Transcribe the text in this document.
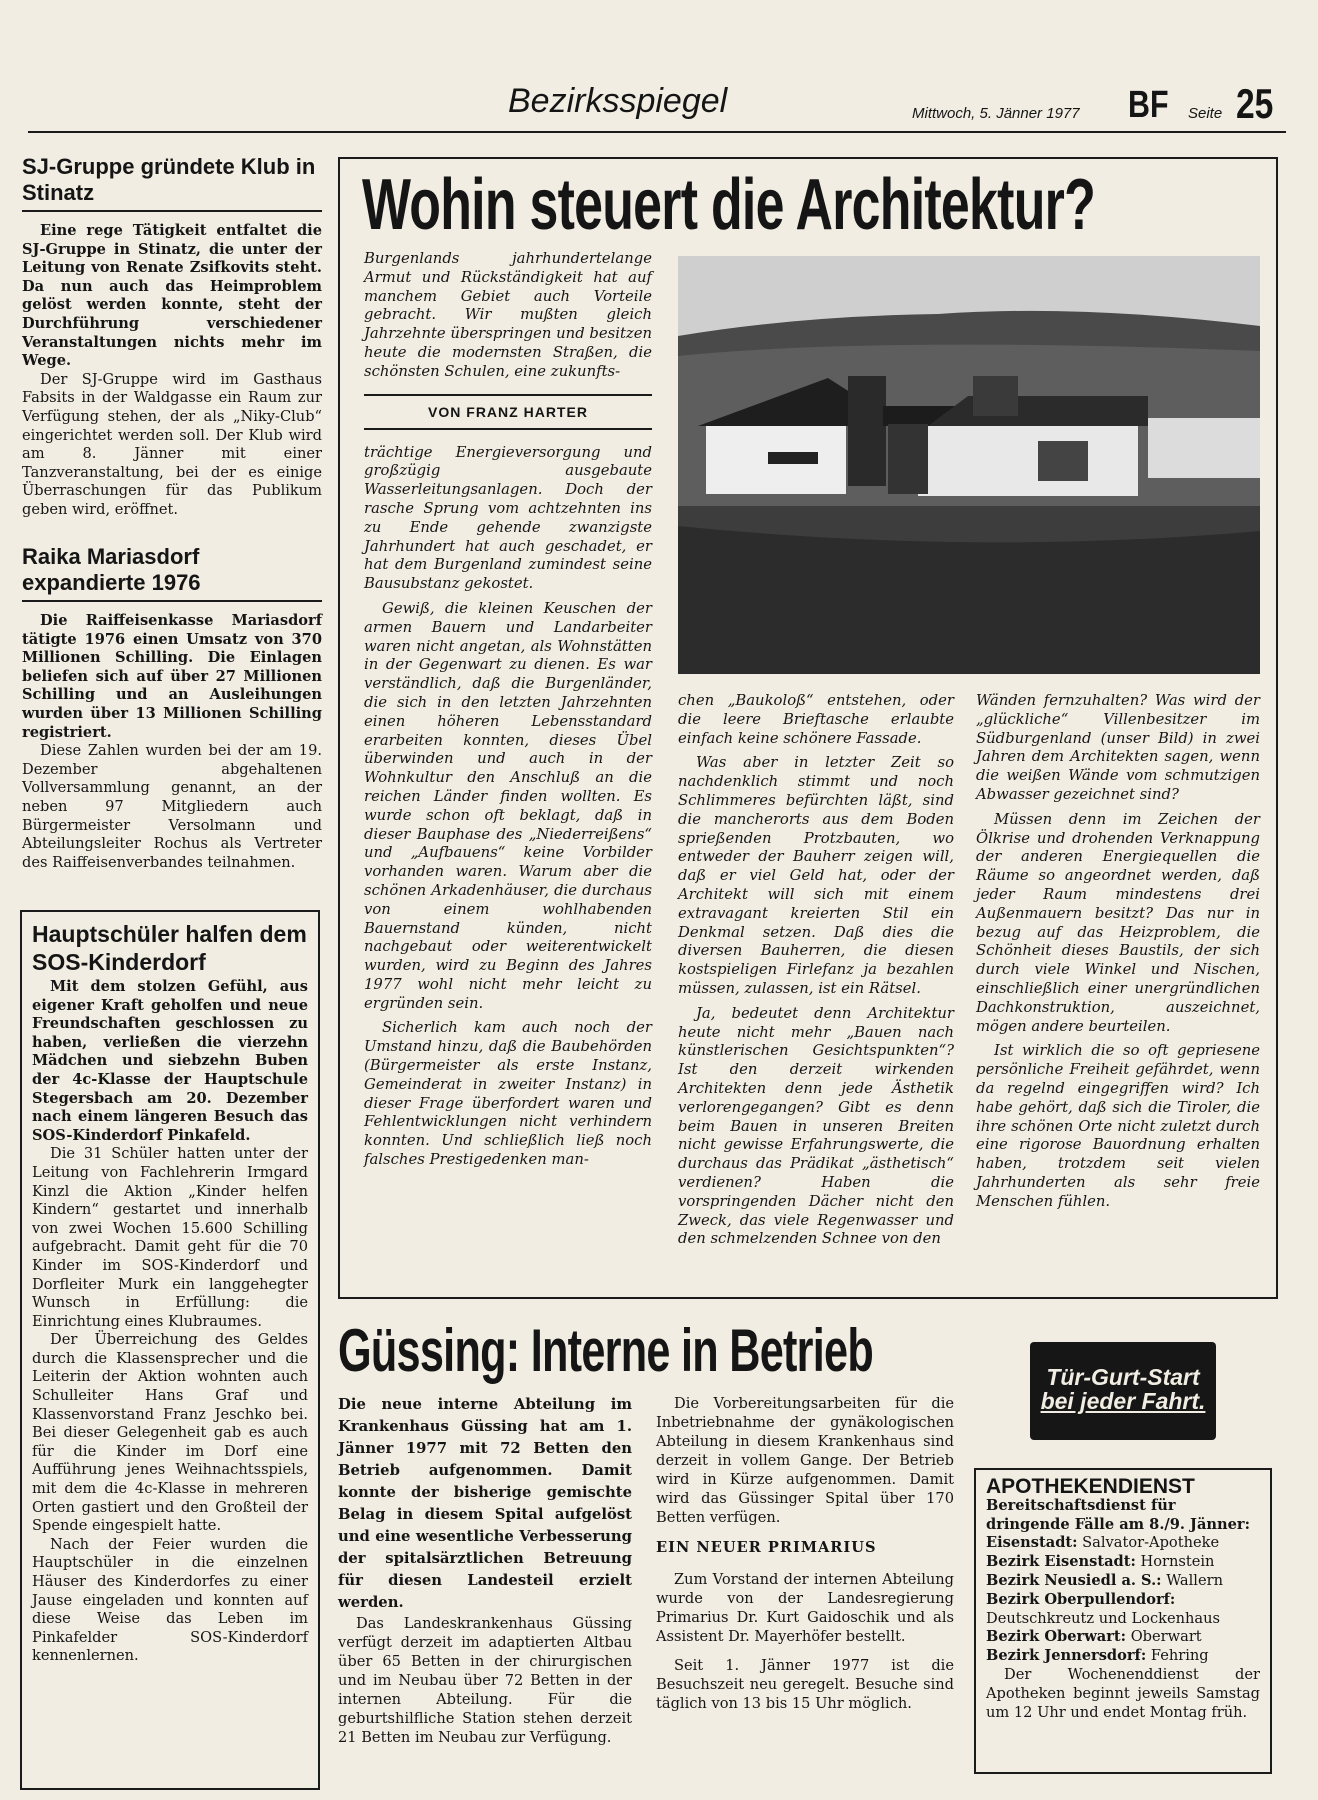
Bezirksspiegel	Mittwoch, 5. Jänner 1977 BF Seite 25
SJ-Gruppe gründete Klub in Stinatz

Eine rege Tätigkeit entfaltet die SJ-Gruppe in Stinatz, die unter der Leitung von Renate Zsifkovits steht. Da nun auch das Heimproblem gelöst werden konnte, steht der Durchführung verschiedener Veranstaltungen nichts mehr im Wege.

Der SJ-Gruppe wird im Gasthaus Fabsits in der Waldgasse ein Raum zur Verfügung stehen, der als „Niky-Club“ eingerichtet werden soll. Der Klub wird am 8. Jänner mit einer Tanzveranstaltung, bei der es einige Überraschungen für das Publikum geben wird, eröffnet.

Raika Mariasdorf expandierte 1976

Die Raiffeisenkasse Mariasdorf tätigte 1976 einen Umsatz von 370 Millionen Schilling. Die Einlagen beliefen sich auf über 27 Millionen Schilling und an Ausleihungen wurden über 13 Millionen Schilling registriert.

Diese Zahlen wurden bei der am 19. Dezember abgehaltenen Vollversammlung genannt, an der neben 97 Mitgliedern auch Bürgermeister Versolmann und Abteilungsleiter Rochus als Vertreter des Raiffeisenverbandes teilnahmen.

Hauptschüler halfen dem SOS-Kinderdorf

Mit dem stolzen Gefühl, aus eigener Kraft geholfen und neue Freundschaften geschlossen zu haben, verließen die vierzehn Mädchen und siebzehn Buben der 4c-Klasse der Hauptschule Stegersbach am 20. Dezember nach einem längeren Besuch das SOS-Kinderdorf Pinkafeld.

Die 31 Schüler hatten unter der Leitung von Fachlehrerin Irmgard Kinzl die Aktion „Kinder helfen Kindern“ gestartet und innerhalb von zwei Wochen 15.600 Schilling aufgebracht. Damit geht für die 70 Kinder im SOS-Kinderdorf und Dorfleiter Murk ein langgehegter Wunsch in Erfüllung: die Einrichtung eines Klubraumes.

Der Überreichung des Geldes durch die Klassensprecher und die Leiterin der Aktion wohnten auch Schulleiter Hans Graf und Klassenvorstand Franz Jeschko bei. Bei dieser Gelegenheit gab es auch für die Kinder im Dorf eine Aufführung jenes Weihnachtsspiels, mit dem die 4c-Klasse in mehreren Orten gastiert und den Großteil der Spende eingespielt hatte.

Nach der Feier wurden die Hauptschüler in die einzelnen Häuser des Kinderdorfes zu einer Jause eingeladen und konnten auf diese Weise das Leben im Pinkafelder SOS-Kinderdorf kennenlernen.

Wohin steuert die Architektur?

Burgenlands jahrhundertelange Armut und Rückständigkeit hat auf manchem Gebiet auch Vorteile gebracht. Wir mußten gleich Jahrzehnte überspringen und besitzen heute die modernsten Straßen, die schönsten Schulen, eine zukunfts-

VON FRANZ HARTER

trächtige Energieversorgung und großzügig ausgebaute Wasserleitungsanlagen. Doch der rasche Sprung vom achtzehnten ins zu Ende gehende zwanzigste Jahrhundert hat auch geschadet, er hat dem Burgenland zumindest seine Bausubstanz gekostet.

Gewiß, die kleinen Keuschen der armen Bauern und Landarbeiter waren nicht angetan, als Wohnstätten in der Gegenwart zu dienen. Es war verständlich, daß die Burgenländer, die sich in den letzten Jahrzehnten einen höheren Lebensstandard erarbeiten konnten, dieses Übel überwinden und auch in der Wohnkultur den Anschluß an die reichen Länder finden wollten. Es wurde schon oft beklagt, daß in dieser Bauphase des „Niederreißens“ und „Aufbauens“ keine Vorbilder vorhanden waren. Warum aber die schönen Arkadenhäuser, die durchaus von einem wohlhabenden Bauernstand künden, nicht nachgebaut oder weiterentwickelt wurden, wird zu Beginn des Jahres 1977 wohl nicht mehr leicht zu ergründen sein.

Sicherlich kam auch noch der Umstand hinzu, daß die Baubehörden (Bürgermeister als erste Instanz, Gemeinderat in zweiter Instanz) in dieser Frage überfordert waren und Fehlentwicklungen nicht verhindern konnten. Und schließlich ließ noch falsches Prestigedenken man-

chen „Baukoloß“ entstehen, oder die leere Brieftasche erlaubte einfach keine schönere Fassade.

Was aber in letzter Zeit so nachdenklich stimmt und noch Schlimmeres befürchten läßt, sind die mancherorts aus dem Boden sprießenden Protzbauten, wo entweder der Bauherr zeigen will, daß er viel Geld hat, oder der Architekt will sich mit einem extravagant kreierten Stil ein Denkmal setzen. Daß dies die diversen Bauherren, die diesen kostspieligen Firlefanz ja bezahlen müssen, zulassen, ist ein Rätsel.

Ja, bedeutet denn Architektur heute nicht mehr „Bauen nach künstlerischen Gesichtspunkten“? Ist den derzeit wirkenden Architekten denn jede Ästhetik verlorengegangen? Gibt es denn beim Bauen in unseren Breiten nicht gewisse Erfahrungswerte, die durchaus das Prädikat „ästhetisch“ verdienen? Haben die vorspringenden Dächer nicht den Zweck, das viele Regenwasser und den schmelzenden Schnee von den

Wänden fernzuhalten? Was wird der „glückliche“ Villenbesitzer im Südburgenland (unser Bild) in zwei Jahren dem Architekten sagen, wenn die weißen Wände vom schmutzigen Abwasser gezeichnet sind?

Müssen denn im Zeichen der Ölkrise und drohenden Verknappung der anderen Energiequellen die Räume so angeordnet werden, daß jeder Raum mindestens drei Außenmauern besitzt? Das nur in bezug auf das Heizproblem, die Schönheit dieses Baustils, der sich durch viele Winkel und Nischen, einschließlich einer unergründlichen Dachkonstruktion, auszeichnet, mögen andere beurteilen.

Ist wirklich die so oft gepriesene persönliche Freiheit gefährdet, wenn da regelnd eingegriffen wird? Ich habe gehört, daß sich die Tiroler, die ihre schönen Orte nicht zuletzt durch eine rigorose Bauordnung erhalten haben, trotzdem seit vielen Jahrhunderten als sehr freie Menschen fühlen.

Güssing: Interne in Betrieb

Die neue interne Abteilung im Krankenhaus Güssing hat am 1. Jänner 1977 mit 72 Betten den Betrieb aufgenommen. Damit konnte der bisherige gemischte Belag in diesem Spital aufgelöst und eine wesentliche Verbesserung der spitalsärztlichen Betreuung für diesen Landesteil erzielt werden.

Das Landeskrankenhaus Güssing verfügt derzeit im adaptierten Altbau über 65 Betten in der chirurgischen und im Neubau über 72 Betten in der internen Abteilung. Für die geburtshilfliche Station stehen derzeit 21 Betten im Neubau zur Verfügung.

Die Vorbereitungsarbeiten für die Inbetriebnahme der gynäkologischen Abteilung in diesem Krankenhaus sind derzeit in vollem Gange. Der Betrieb wird in Kürze aufgenommen. Damit wird das Güssinger Spital über 170 Betten verfügen.

EIN NEUER PRIMARIUS

Zum Vorstand der internen Abteilung wurde von der Landesregierung Primarius Dr. Kurt Gaidoschik und als Assistent Dr. Mayerhöfer bestellt.

Seit 1. Jänner 1977 ist die Besuchszeit neu geregelt. Besuche sind täglich von 13 bis 15 Uhr möglich.

Tür-Gurt-Start
bei jeder Fahrt.
APOTHEKENDIENST

Bereitschaftsdienst für dringende Fälle am 8./9. Jänner:

Eisenstadt: Salvator-Apotheke

Bezirk Eisenstadt: Hornstein

Bezirk Neusiedl a. S.: Wallern

Bezirk Oberpullendorf: Deutschkreutz und Lockenhaus

Bezirk Oberwart: Oberwart

Bezirk Jennersdorf: Fehring

Der Wochenenddienst der Apotheken beginnt jeweils Samstag um 12 Uhr und endet Montag früh.
